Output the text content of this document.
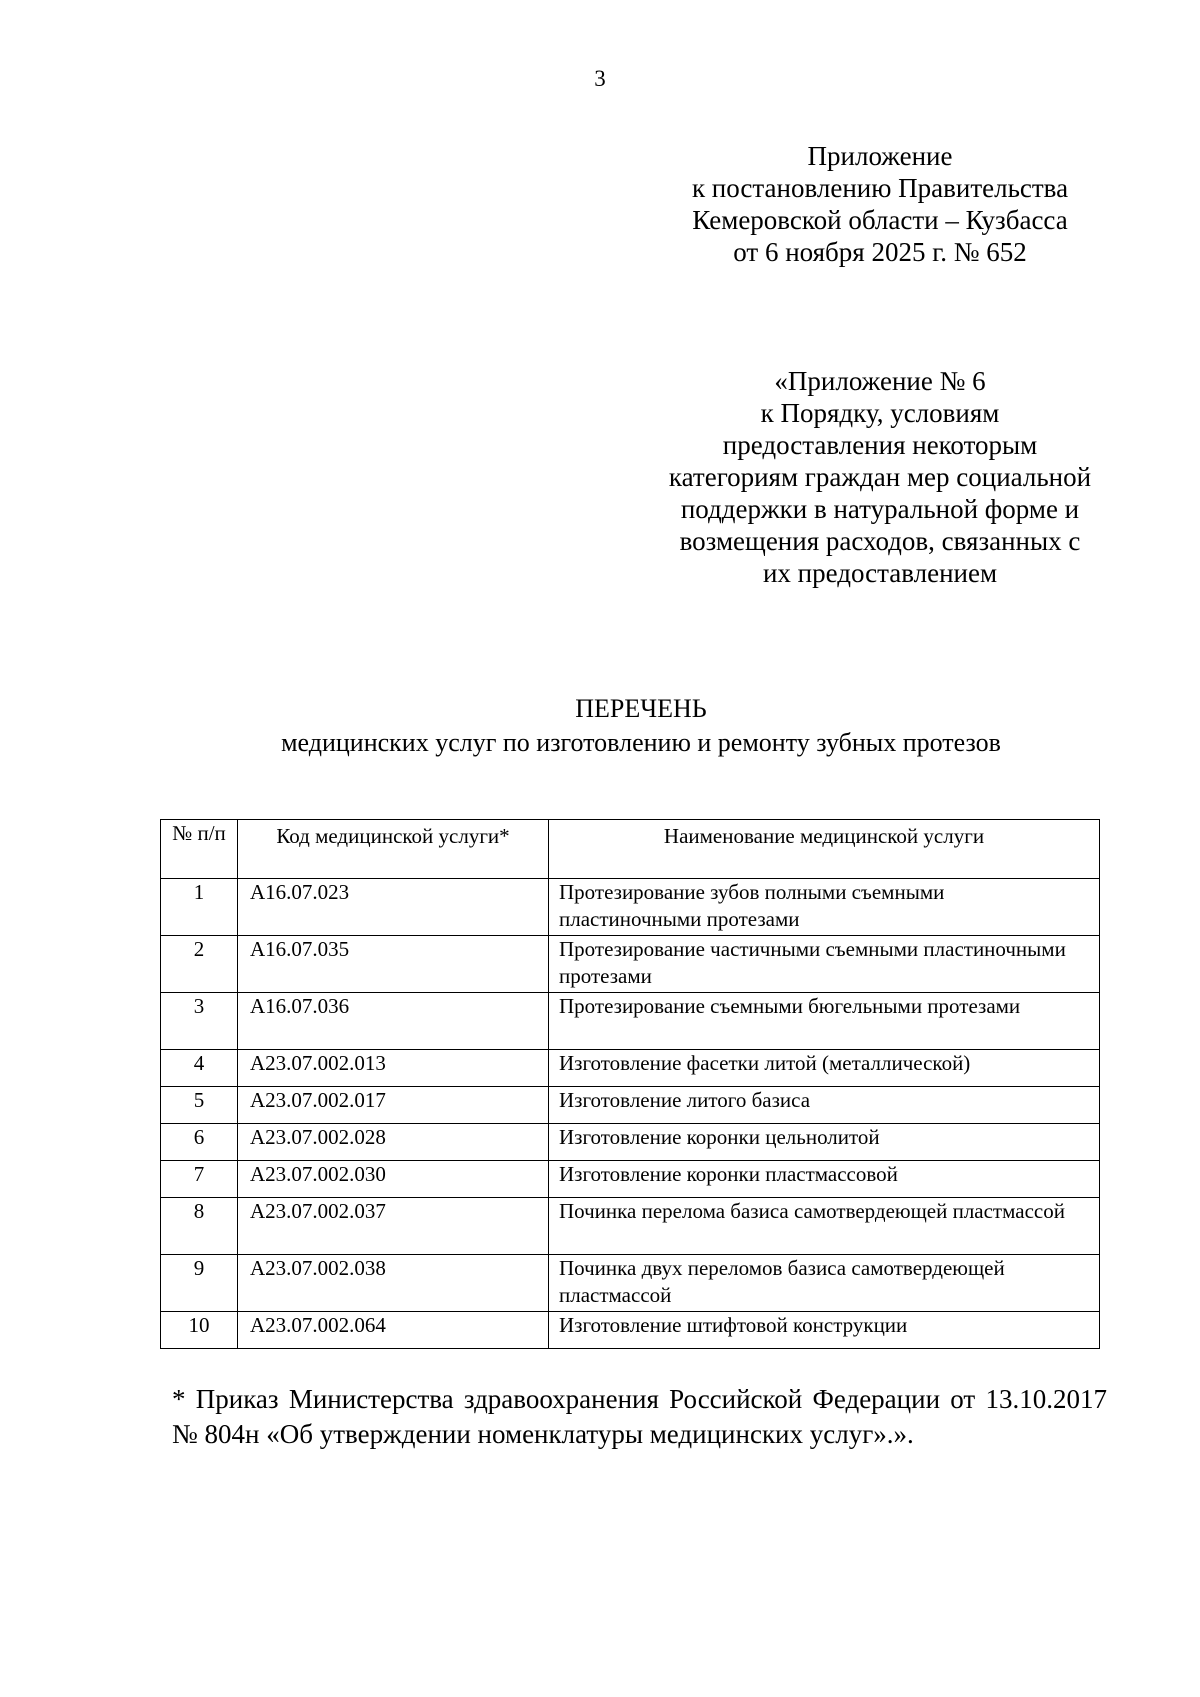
3
Приложение
к постановлению Правительства
Кемеровской области – Кузбасса
от 6 ноября 2025 г. № 652
«Приложение № 6
к Порядку, условиям
предоставления некоторым
категориям граждан мер социальной
поддержки в натуральной форме и
возмещения расходов, связанных с
их предоставлением
ПЕРЕЧЕНЬ
медицинских услуг по изготовлению и ремонту зубных протезов
№ п/п	Код медицинской услуги*	Наименование медицинской услуги
1	A16.07.023	Протезирование зубов полными съемными пластиночными протезами
2	A16.07.035	Протезирование частичными съемными пластиночными протезами
3	A16.07.036	Протезирование съемными бюгельными протезами
4	A23.07.002.013	Изготовление фасетки литой (металлической)
5	A23.07.002.017	Изготовление литого базиса
6	A23.07.002.028	Изготовление коронки цельнолитой
7	A23.07.002.030	Изготовление коронки пластмассовой
8	A23.07.002.037	Починка перелома базиса самотвердеющей пластмассой
9	A23.07.002.038	Починка двух переломов базиса самотвердеющей пластмассой
10	A23.07.002.064	Изготовление штифтовой конструкции
* Приказ Министерства здравоохранения Российской Федерации от 13.10.2017 № 804н «Об утверждении номенклатуры медицинских услуг».».
